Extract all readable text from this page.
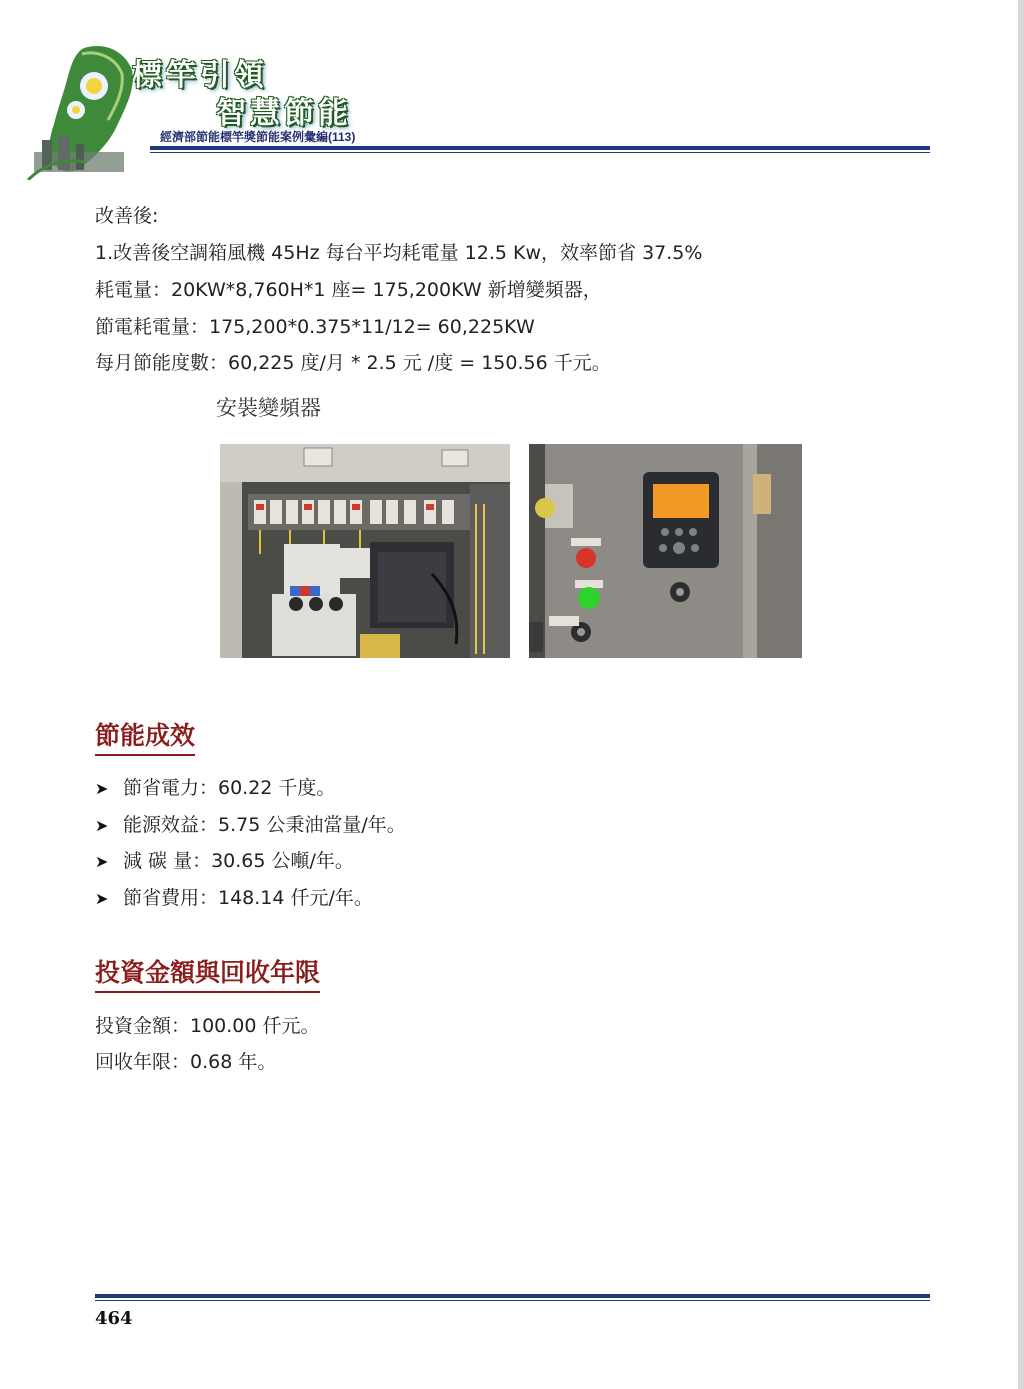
標竿引領
智慧節能
經濟部節能標竿獎節能案例彙編(113)
改善後:
1.改善後空調箱風機 45Hz 每台平均耗電量 12.5 Kw，效率節省 37.5%
耗電量：20KW*8,760H*1 座= 175,200KW 新增變頻器，
節電耗電量：175,200*0.375*11/12= 60,225KW
每月節能度數：60,225 度/月 * 2.5 元 /度 = 150.56 千元。
安裝變頻器
節能成效
➤ 節省電力：60.22 千度。
➤ 能源效益：5.75 公秉油當量/年。
➤ 減 碳 量：30.65 公噸/年。
➤ 節省費用：148.14 仟元/年。
投資金額與回收年限
投資金額：100.00 仟元。
回收年限：0.68 年。
464
